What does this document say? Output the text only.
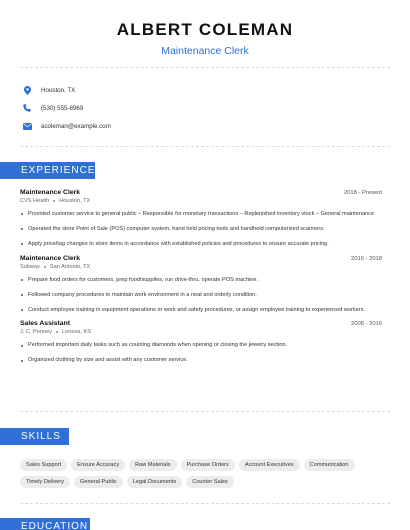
ALBERT COLEMAN
Maintenance Clerk
Houston, TX
(530) 555-8969
acoleman@example.com
EXPERIENCE
Maintenance Clerk	2018 - Present
CVS Health Houston, TX
Provided customer service to general public – Responsible for monetary transactions – Replenished inventory stock – General maintenance
Operated the store Point of Sale (POS) computer system, hand held pricing tools and handheld computerized scanners.
Apply price/tag changes to store items in accordance with established policies and procedures to ensure accurate pricing.
Maintenance Clerk	2016 - 2018
Subway San Antonio, TX
Prepare food orders for customers, prep food/supplies, run drive-thru, operate POS machine.
Followed company procedures to maintain work environment in a neat and orderly condition.
Conduct employee training in equipment operations or work and safety procedures, or assign employee training to experienced workers.
Sales Assistant	2008 - 2016
J. C. Penney Lenexa, KS
Performed important daily tasks such as counting diamonds when opening or closing the jewelry section.
Organized clothing by size and assist with any customer service.
SKILLS
Sales Support	Ensure Accuracy	Raw Materials	Purchase Orders	Account Executives	Communication
Timely Delivery	General Public	Legal Documents	Counter Sales
EDUCATION
